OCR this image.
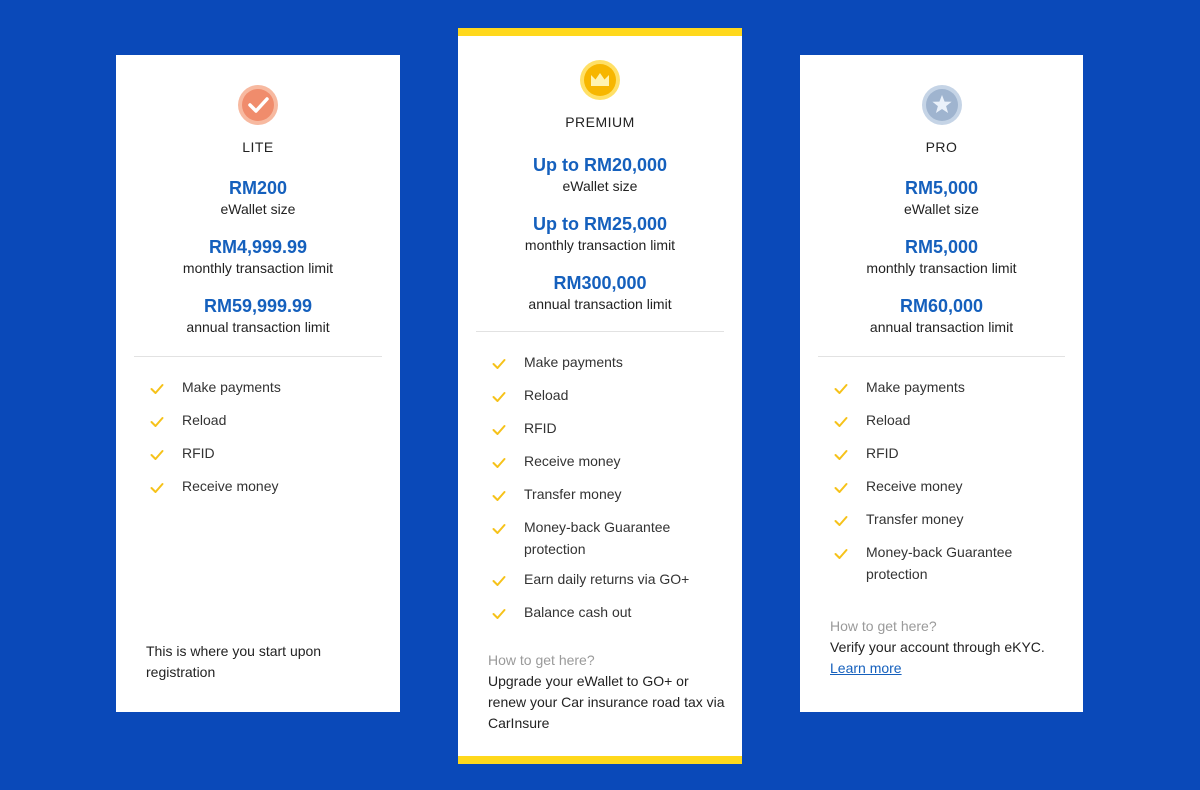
LITE
RM200
eWallet size
RM4,999.99
monthly transaction limit
RM59,999.99
annual transaction limit
Make payments
Reload
RFID
Receive money
This is where you start upon registration
PREMIUM
Up to RM20,000
eWallet size
Up to RM25,000
monthly transaction limit
RM300,000
annual transaction limit
Make payments
Reload
RFID
Receive money
Transfer money
Money-back Guarantee protection
Earn daily returns via GO+
Balance cash out
How to get here?
Upgrade your eWallet to GO+ or renew your Car insurance road tax via CarInsure
PRO
RM5,000
eWallet size
RM5,000
monthly transaction limit
RM60,000
annual transaction limit
Make payments
Reload
RFID
Receive money
Transfer money
Money-back Guarantee protection
How to get here?
Verify your account through eKYC. Learn more
